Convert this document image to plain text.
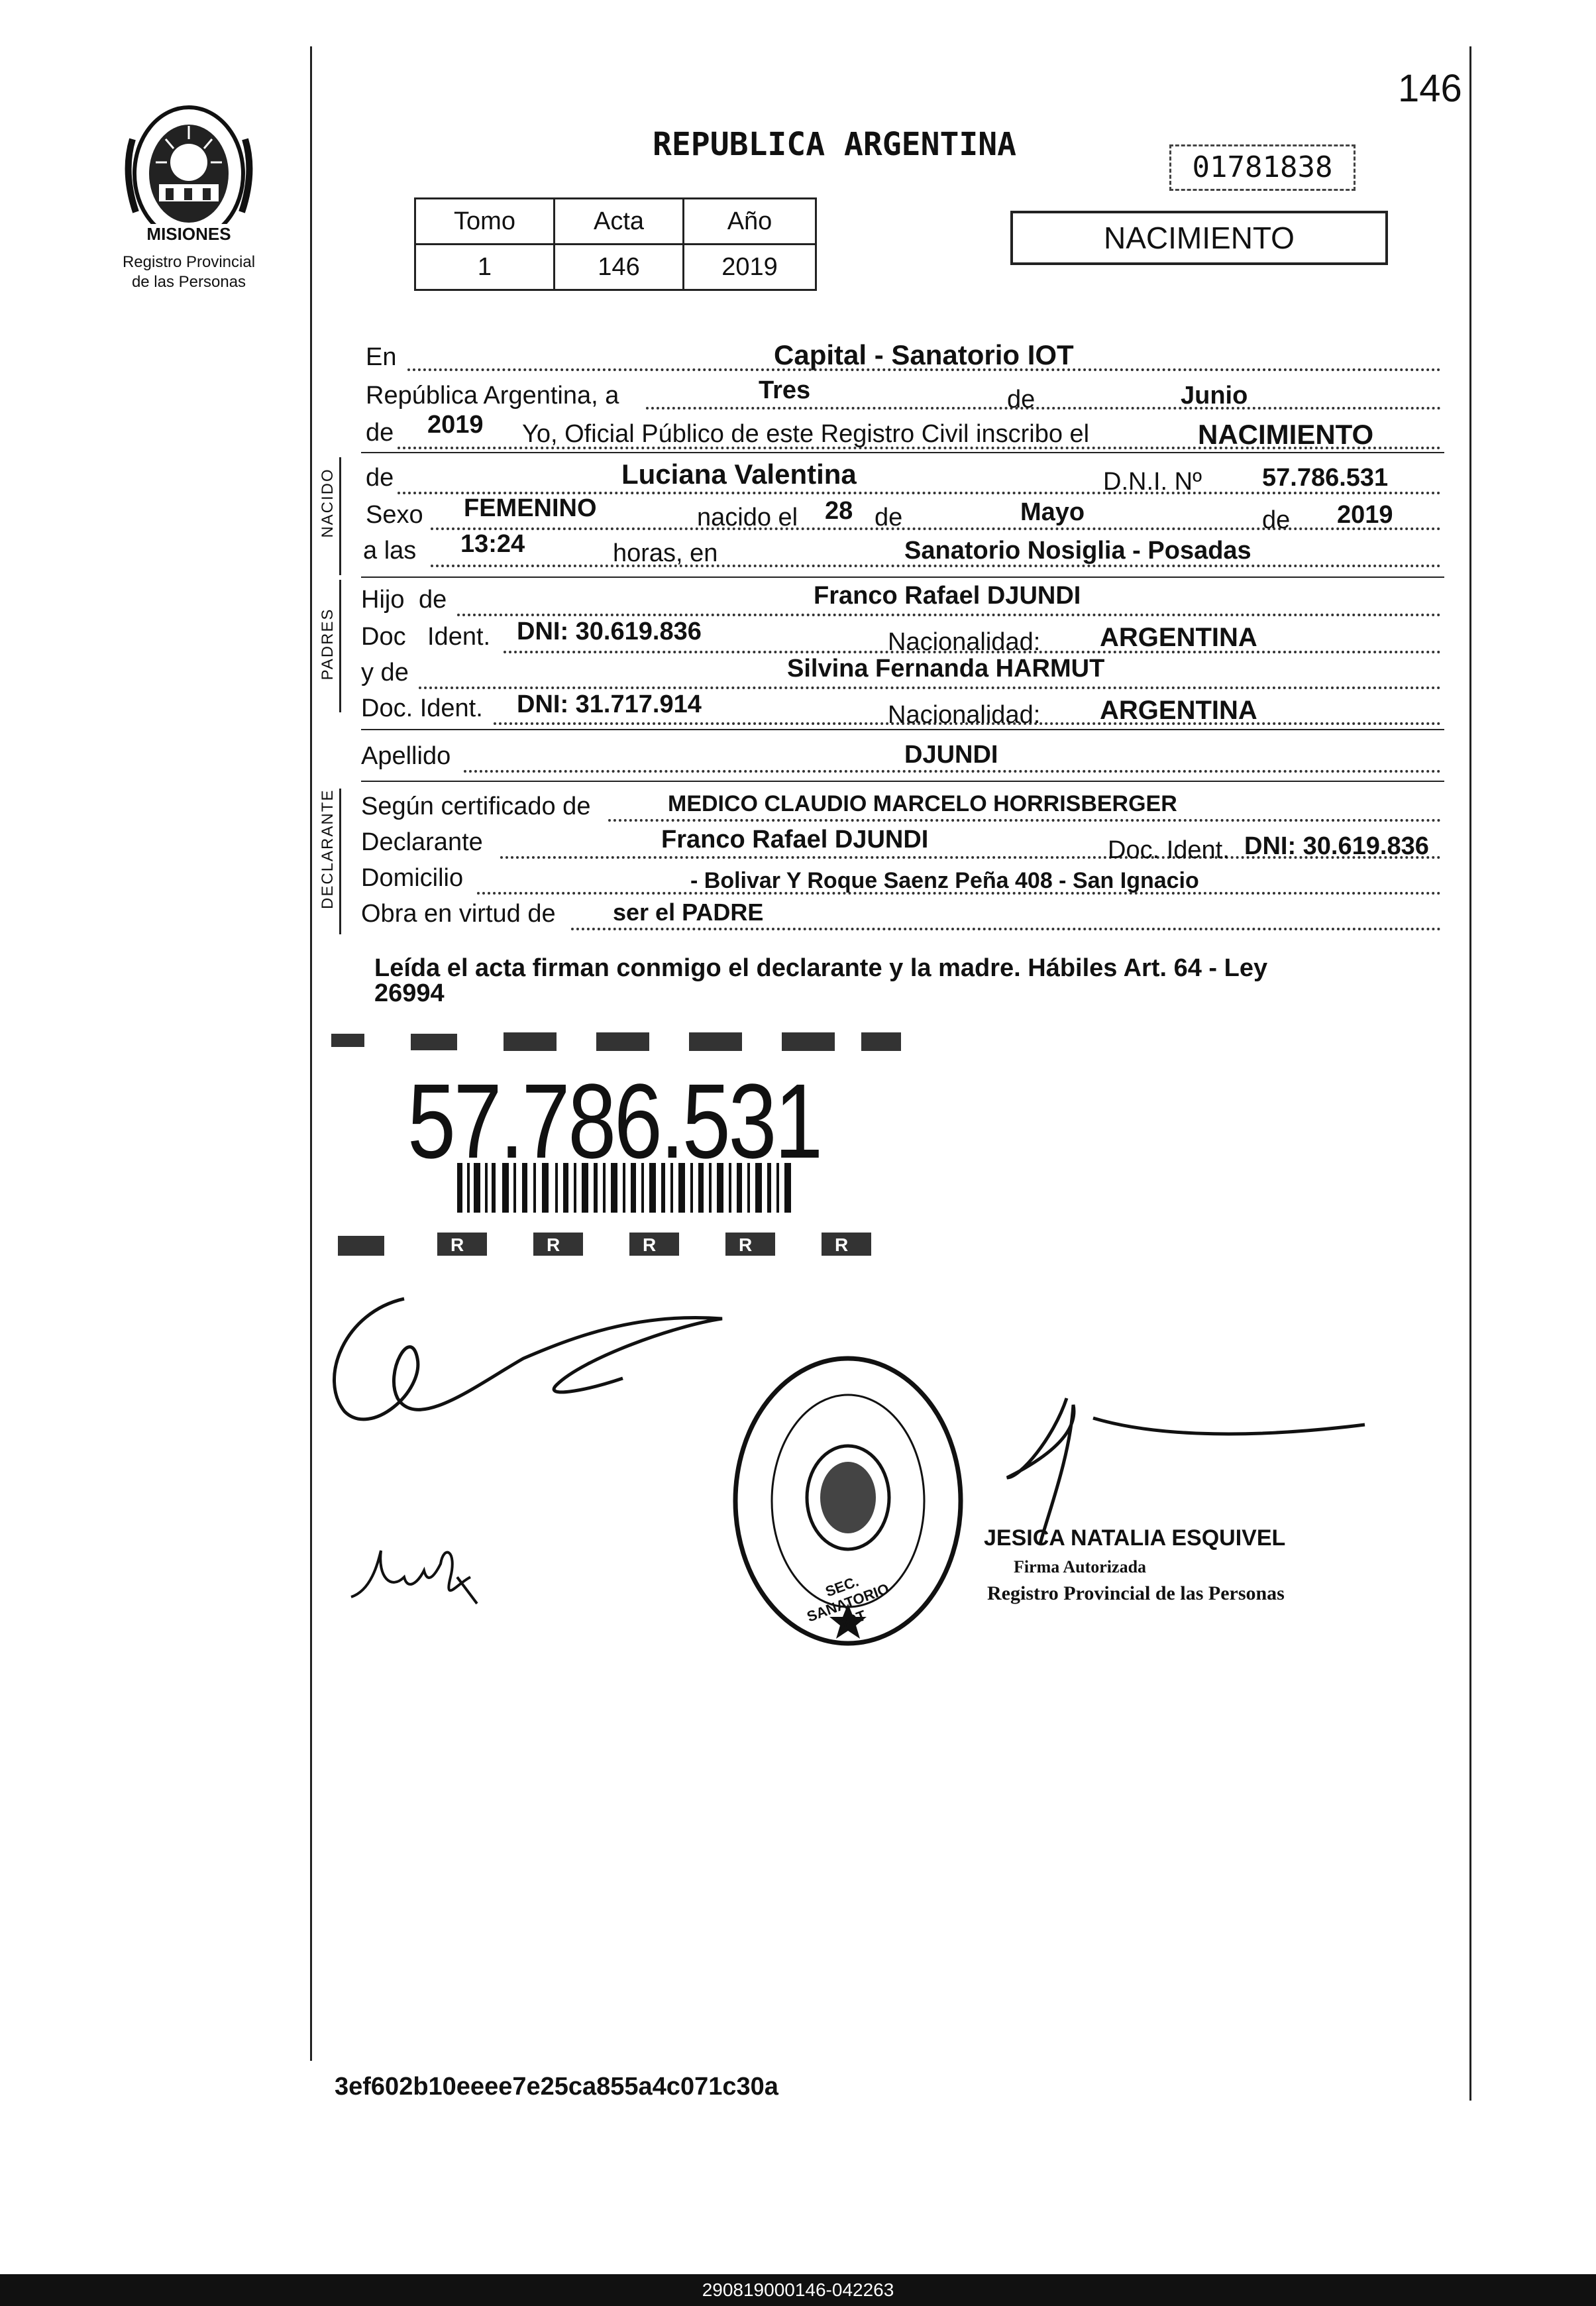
146
MISIONES
Registro Provincial
de las Personas
REPUBLICA ARGENTINA
01781838
NACIMIENTO
Tomo	Acta	Año
1	146	2019
NACIDO
PADRES
DECLARANTE
En	Capital - Sanatorio IOT
República Argentina, a	Tres	de	Junio
de 2019 Yo, Oficial Público de este Registro Civil inscribo el	NACIMIENTO
de	Luciana Valentina	D.N.I. Nº 57.786.531
Sexo FEMENINO	nacido el 28 de	Mayo	de 2019
a las 13:24	horas, en	Sanatorio Nosiglia - Posadas
Hijo de	Franco Rafael DJUNDI
Doc Ident. DNI: 30.619.836	Nacionalidad: ARGENTINA
y de	Silvina Fernanda HARMUT
Doc. Ident. DNI: 31.717.914	Nacionalidad: ARGENTINA
Apellido	DJUNDI
Según certificado de	MEDICO CLAUDIO MARCELO HORRISBERGER
Declarante	Franco Rafael DJUNDI	Doc. Ident. DNI: 30.619.836
Domicilio	- Bolivar Y Roque Saenz Peña 408 - San Ignacio
Obra en virtud de ser el PADRE
Leída el acta firman conmigo el declarante y la madre. Hábiles Art. 64 - Ley
26994
R	R	R	R	R
57.786.531
SEC. SANATORIO IOT
JESICA NATALIA ESQUIVEL
Firma Autorizada
Registro Provincial de las Personas
3ef602b10eeee7e25ca855a4c071c30a
290819000146-042263
